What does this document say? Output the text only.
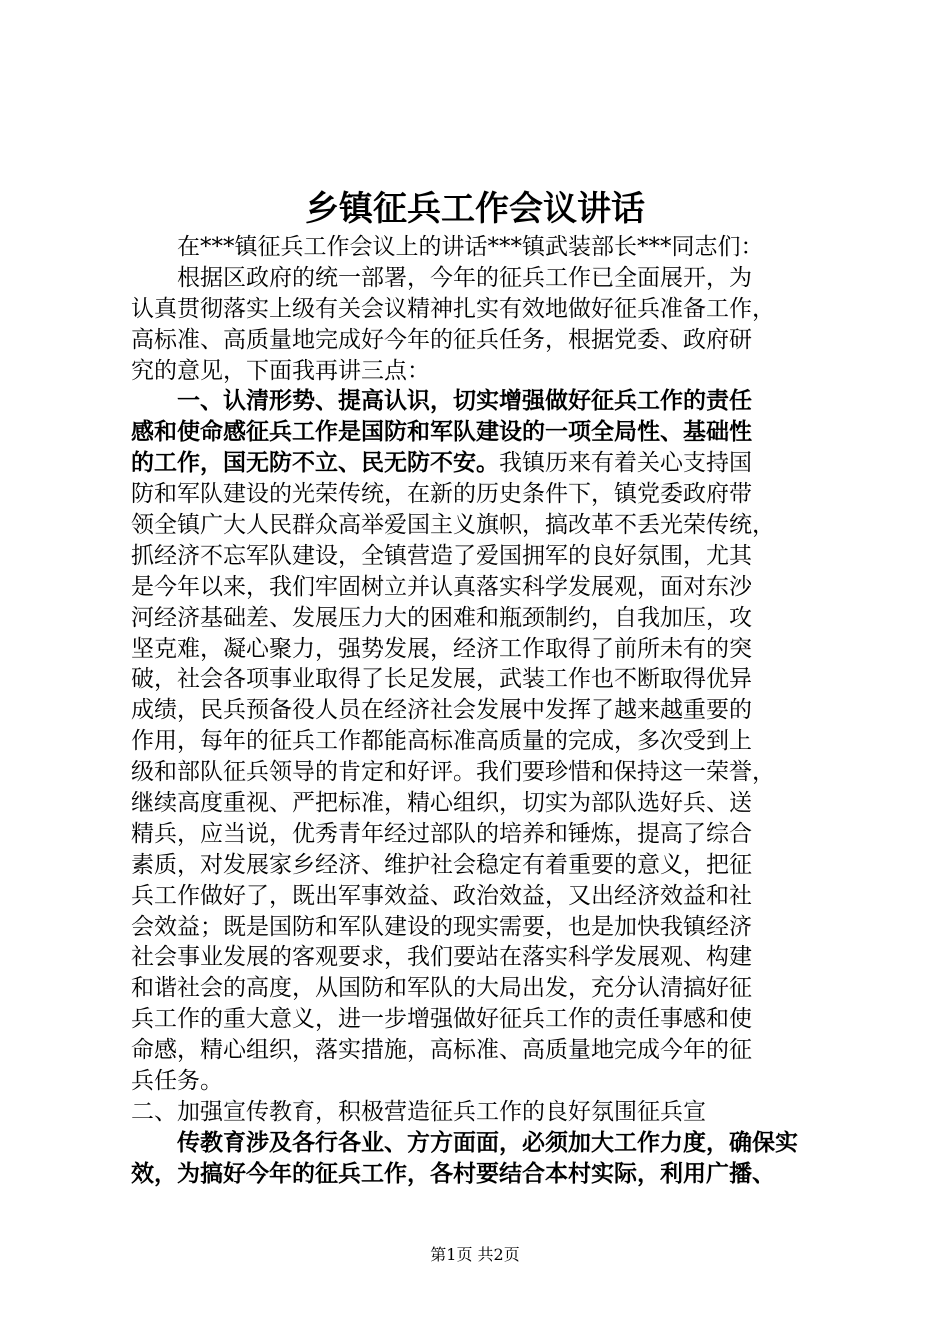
乡镇征兵工作会议讲话
在***镇征兵工作会议上的讲话***镇武装部长***同志们：
根据区政府的统一部署，今年的征兵工作已全面展开，为
认真贯彻落实上级有关会议精神扎实有效地做好征兵准备工作，
高标准、高质量地完成好今年的征兵任务，根据党委、政府研
究的意见，下面我再讲三点：
一、认清形势、提高认识，切实增强做好征兵工作的责任
感和使命感征兵工作是国防和军队建设的一项全局性、基础性
的工作，国无防不立、民无防不安。我镇历来有着关心支持国
防和军队建设的光荣传统，在新的历史条件下，镇党委政府带
领全镇广大人民群众高举爱国主义旗帜，搞改革不丢光荣传统，
抓经济不忘军队建设，全镇营造了爱国拥军的良好氛围，尤其
是今年以来，我们牢固树立并认真落实科学发展观，面对东沙
河经济基础差、发展压力大的困难和瓶颈制约，自我加压，攻
坚克难，凝心聚力，强势发展，经济工作取得了前所未有的突
破，社会各项事业取得了长足发展，武装工作也不断取得优异
成绩，民兵预备役人员在经济社会发展中发挥了越来越重要的
作用，每年的征兵工作都能高标准高质量的完成，多次受到上
级和部队征兵领导的肯定和好评。我们要珍惜和保持这一荣誉，
继续高度重视、严把标准，精心组织，切实为部队选好兵、送
精兵，应当说，优秀青年经过部队的培养和锤炼，提高了综合
素质，对发展家乡经济、维护社会稳定有着重要的意义，把征
兵工作做好了，既出军事效益、政治效益，又出经济效益和社
会效益；既是国防和军队建设的现实需要，也是加快我镇经济
社会事业发展的客观要求，我们要站在落实科学发展观、构建
和谐社会的高度，从国防和军队的大局出发，充分认清搞好征
兵工作的重大意义，进一步增强做好征兵工作的责任事感和使
命感，精心组织，落实措施，高标准、高质量地完成今年的征
兵任务。
二、加强宣传教育，积极营造征兵工作的良好氛围征兵宣
传教育涉及各行各业、方方面面，必须加大工作力度，确保实
效，为搞好今年的征兵工作，各村要结合本村实际，利用广播、
第1页 共2页
